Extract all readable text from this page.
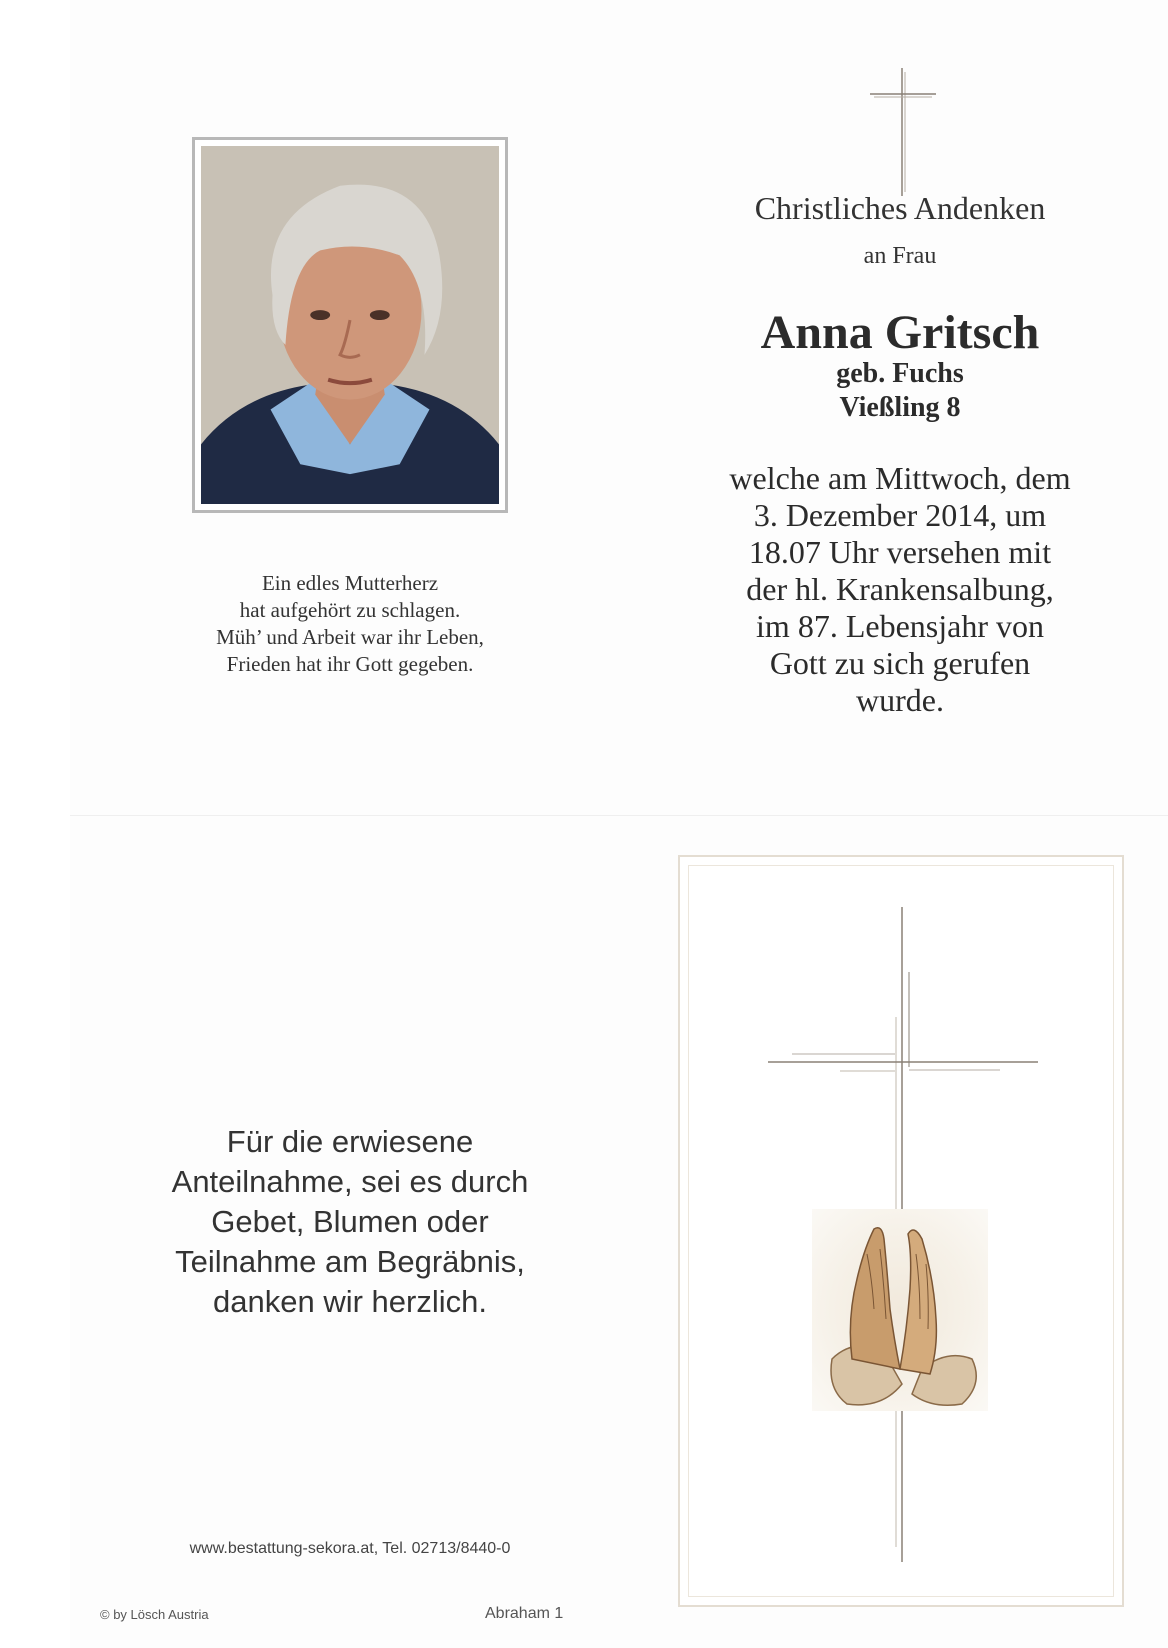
Ein edles Mutterherz
hat aufgehört zu schlagen.
Müh’ und Arbeit war ihr Leben,
Frieden hat ihr Gott gegeben.
Christliches Andenken
an Frau
Anna Gritsch
geb. Fuchs
Vießling 8
welche am Mittwoch, dem
3. Dezember 2014, um
18.07 Uhr versehen mit
der hl. Krankensalbung,
im 87. Lebensjahr von
Gott zu sich gerufen
wurde.
Für die erwiesene
Anteilnahme, sei es durch
Gebet, Blumen oder
Teilnahme am Begräbnis,
danken wir herzlich.
www.bestattung-sekora.at, Tel. 02713/8440-0
© by Lösch Austria	Abraham 1
